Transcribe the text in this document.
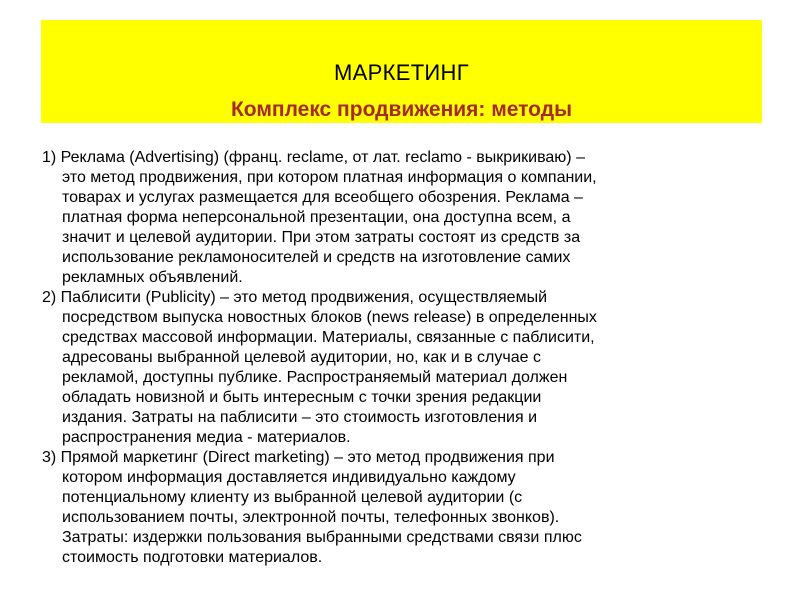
МАРКЕТИНГ
Комплекс продвижения: методы

1) Реклама (Advertising) (франц. reclame, от лат. reclamo - выкрикиваю) –
это метод продвижения, при котором платная информация о компании,
товарах и услугах размещается для всеобщего обозрения. Реклама –
платная форма неперсональной презентации, она доступна всем, а
значит и целевой аудитории. При этом затраты состоят из средств за
использование рекламоносителей и средств на изготовление самих
рекламных объявлений.

2) Паблисити (Publicity) – это метод продвижения, осуществляемый
посредством выпуска новостных блоков (news release) в определенных
средствах массовой информации. Материалы, связанные с паблисити,
адресованы выбранной целевой аудитории, но, как и в случае с
рекламой, доступны публике. Распространяемый материал должен
обладать новизной и быть интересным с точки зрения редакции
издания. Затраты на паблисити – это стоимость изготовления и
распространения медиа - материалов.

3) Прямой маркетинг (Direct marketing) – это метод продвижения при
котором информация доставляется индивидуально каждому
потенциальному клиенту из выбранной целевой аудитории (с
использованием почты, электронной почты, телефонных звонков).
Затраты: издержки пользования выбранными средствами связи плюс
стоимость подготовки материалов.
